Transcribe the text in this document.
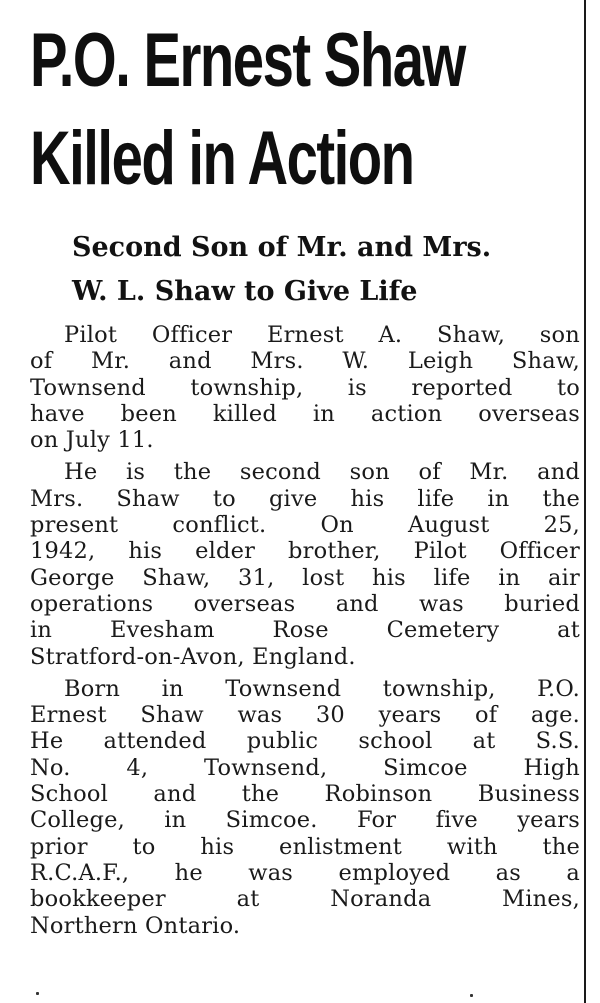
P.O. Ernest Shaw
Killed in Action
Second Son of Mr. and Mrs.
W. L. Shaw to Give Life

Pilot Officer Ernest A. Shaw, son
of Mr. and Mrs. W. Leigh Shaw,
Townsend township, is reported to
have been killed in action overseas
on July 11.

He is the second son of Mr. and
Mrs. Shaw to give his life in the
present conflict. On August 25,
1942, his elder brother, Pilot Officer
George Shaw, 31, lost his life in air
operations overseas and was buried
in Evesham Rose Cemetery at
Stratford-on-Avon, England.

Born in Townsend township, P.O.
Ernest Shaw was 30 years of age.
He attended public school at S.S.
No. 4, Townsend, Simcoe High
School and the Robinson Business
College, in Simcoe. For five years
prior to his enlistment with the
R.C.A.F., he was employed as a
bookkeeper at Noranda Mines,
Northern Ontario.
